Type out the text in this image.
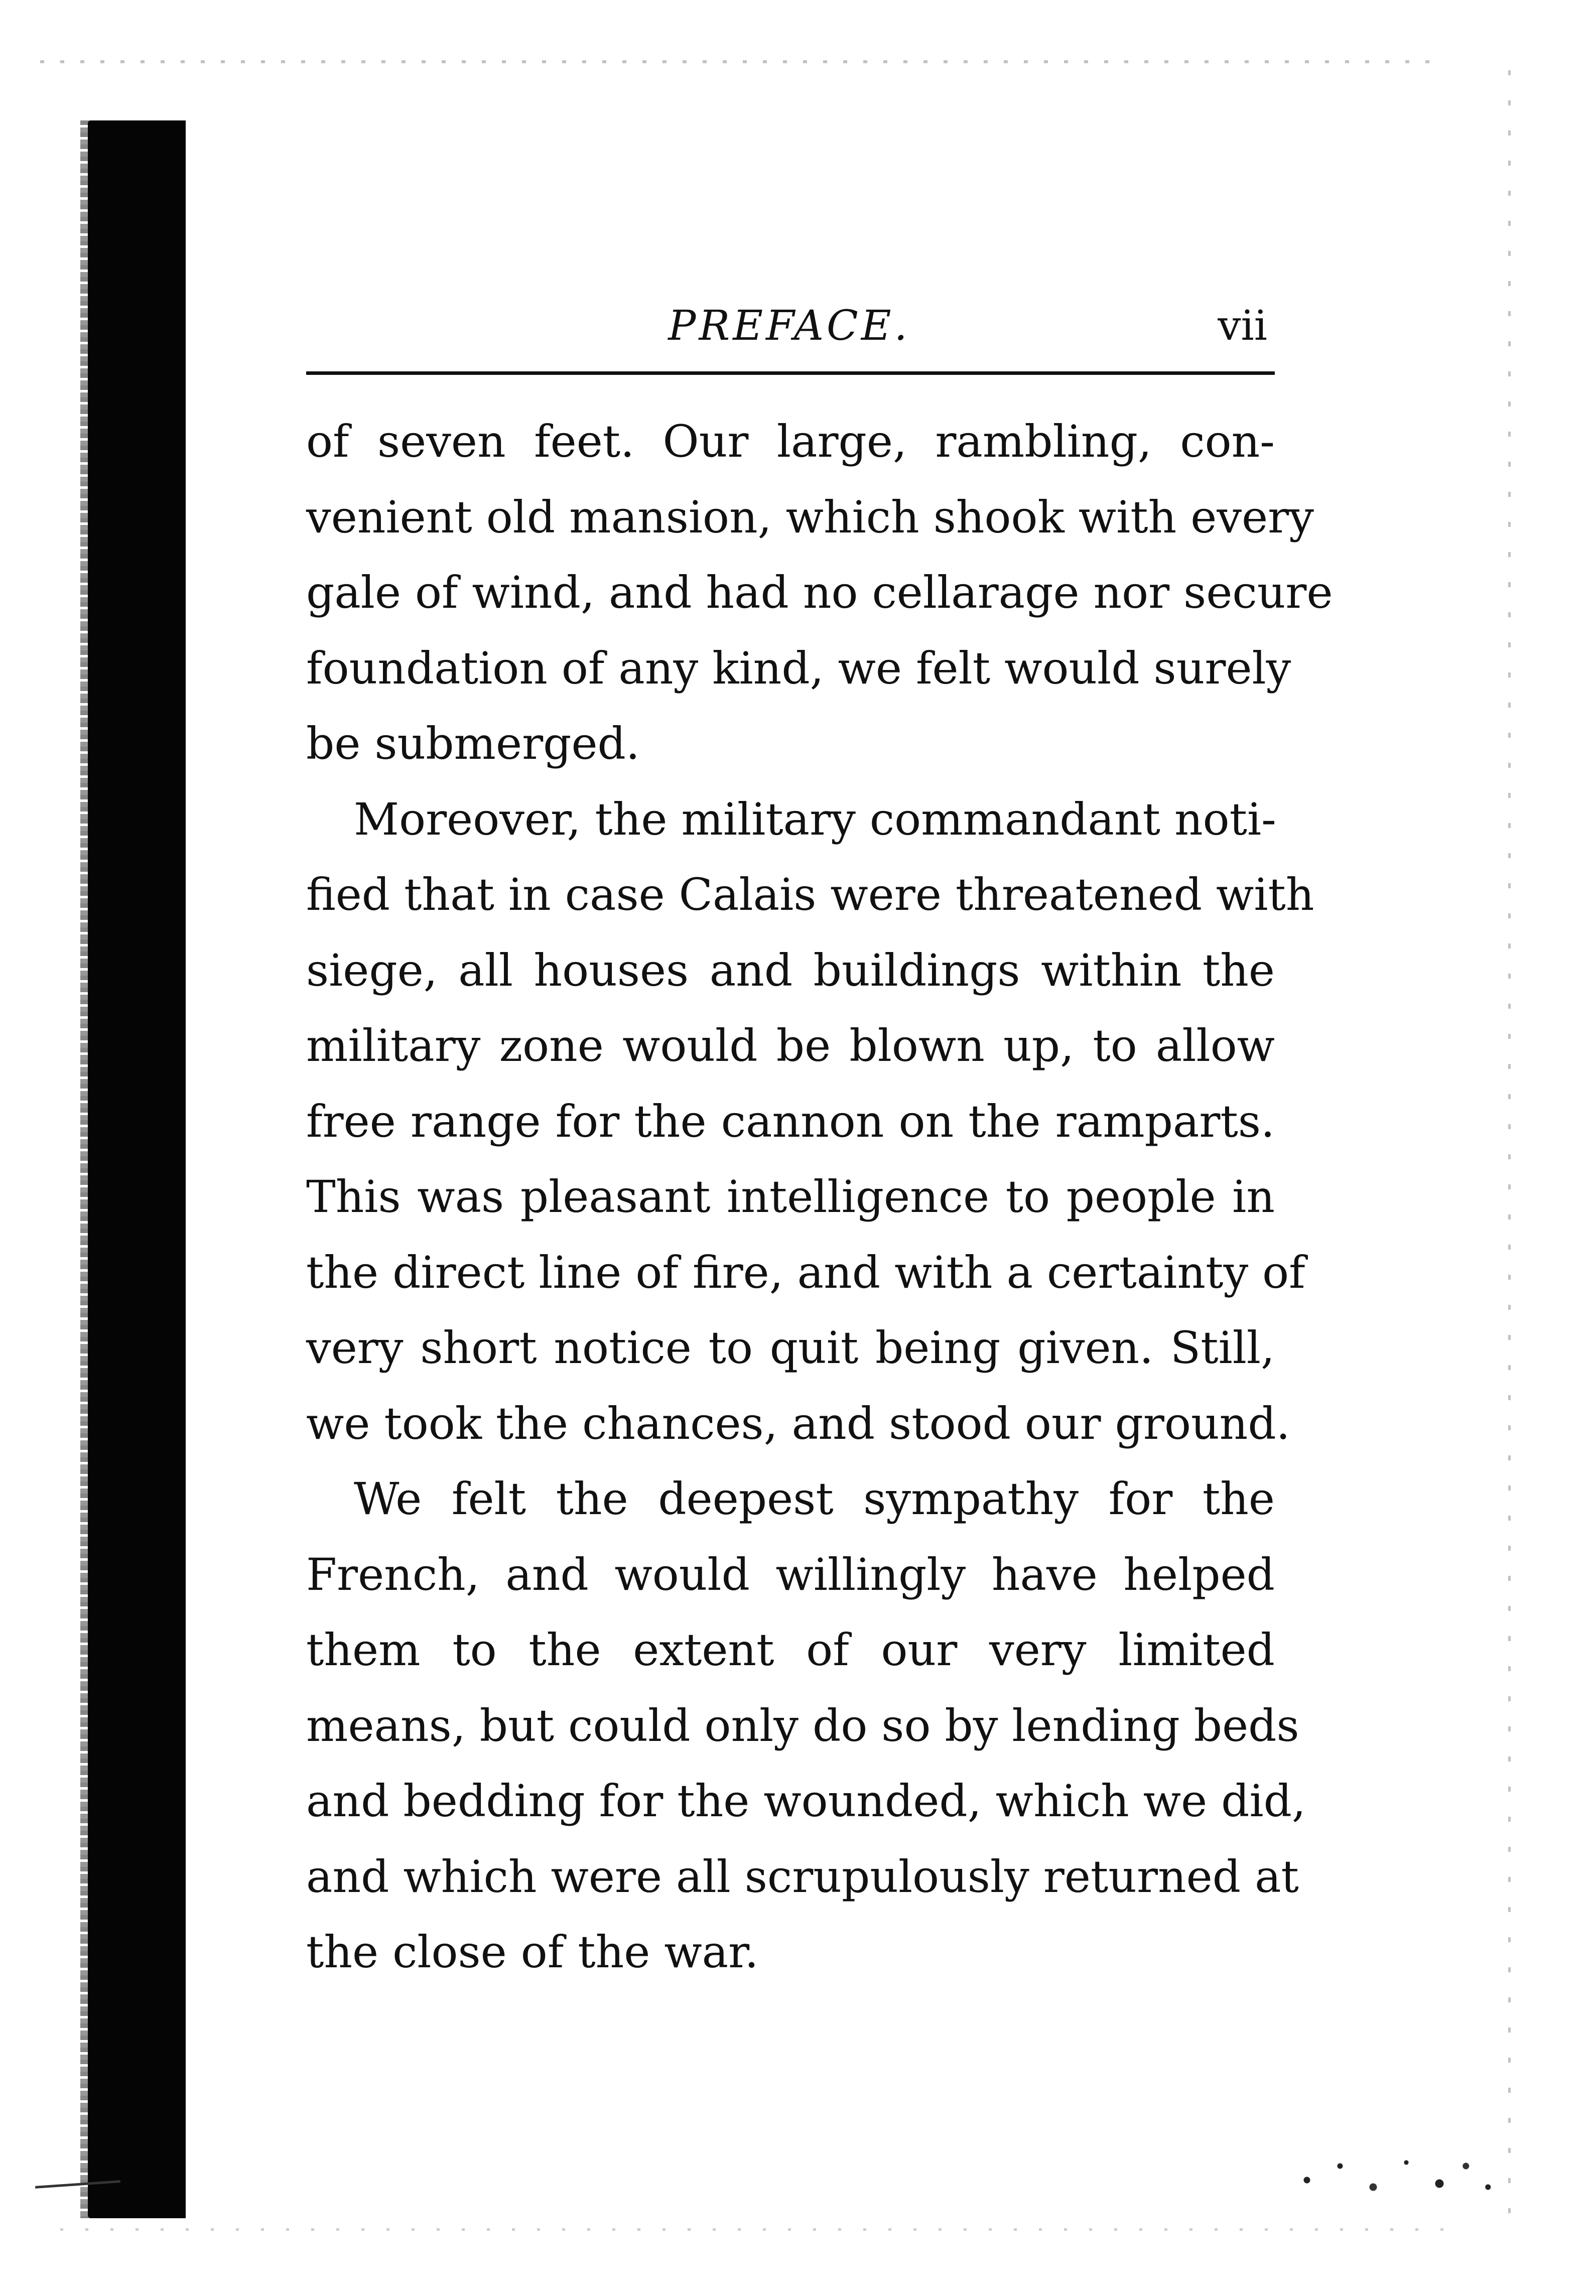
PREFACE.	vii
of seven feet. Our large, rambling, con-
venient old mansion, which shook with every
gale of wind, and had no cellarage nor secure
foundation of any kind, we felt would surely
be submerged.
Moreover, the military commandant noti-
fied that in case Calais were threatened with
siege, all houses and buildings within the
military zone would be blown up, to allow
free range for the cannon on the ramparts.
This was pleasant intelligence to people in
the direct line of fire, and with a certainty of
very short notice to quit being given. Still,
we took the chances, and stood our ground.
We felt the deepest sympathy for the
French, and would willingly have helped
them to the extent of our very limited
means, but could only do so by lending beds
and bedding for the wounded, which we did,
and which were all scrupulously returned at
the close of the war.
